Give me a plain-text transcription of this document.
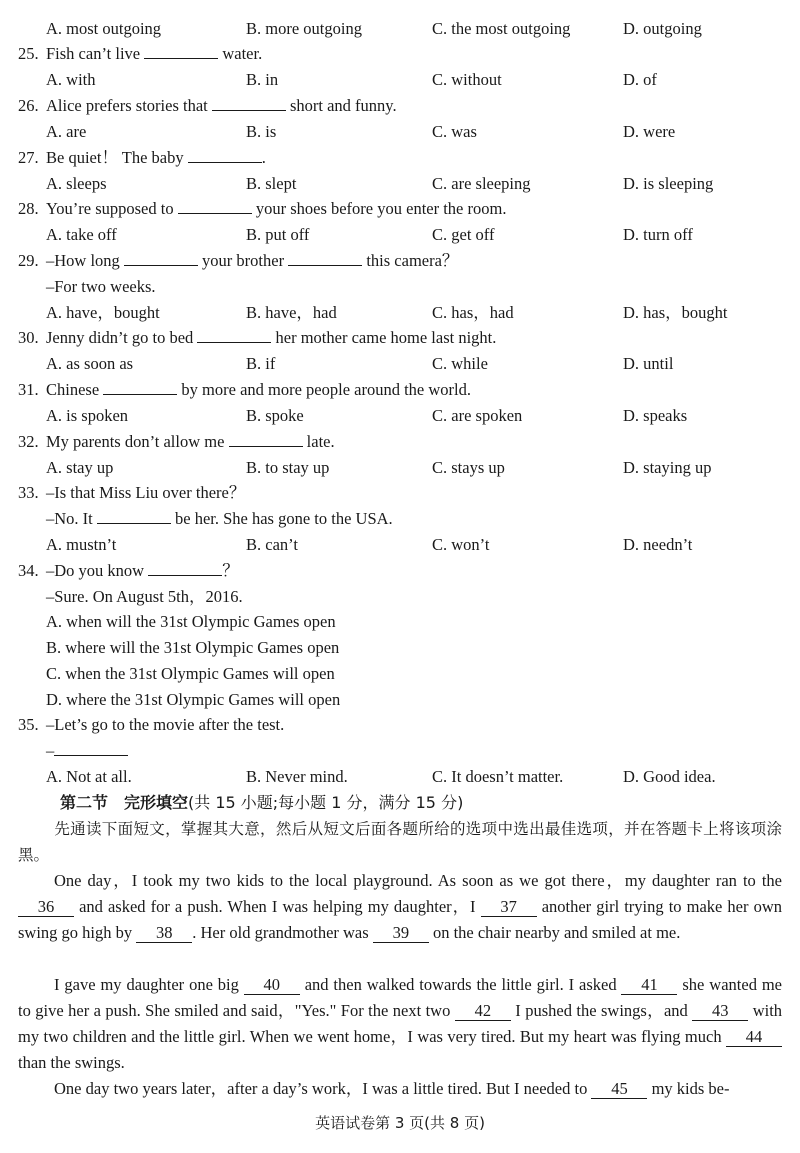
A. most outgoing	B. more outgoing	C. the most outgoing	D. outgoing
25. Fish can’t live	water.
A. with	B. in	C. without	D. of
26. Alice prefers stories that	short and funny.
A. are	B. is	C. was	D. were
27. Be quiet！ The baby	.
A. sleeps	B. slept	C. are sleeping	D. is sleeping
28. You’re supposed to	your shoes before you enter the room.
A. take off	B. put off	C. get off	D. turn off
29. –How long	your brother	this camera？
–For two weeks.
A. have，bought	B. have，had	C. has，had	D. has，bought
30. Jenny didn’t go to bed	her mother came home last night.
A. as soon as	B. if	C. while	D. until
31. Chinese	by more and more people around the world.
A. is spoken	B. spoke	C. are spoken	D. speaks
32. My parents don’t allow me	late.
A. stay up	B. to stay up	C. stays up	D. staying up
33. –Is that Miss Liu over there？
–No. It	be her. She has gone to the USA.
A. mustn’t	B. can’t	C. won’t	D. needn’t
34. –Do you know	？
–Sure. On August 5th，2016.
A. when will the 31st Olympic Games open
B. where will the 31st Olympic Games open
C. when the 31st Olympic Games will open
D. where the 31st Olympic Games will open
35. –Let’s go to the movie after the test.
–
A. Not at all.	B. Never mind.	C. It doesn’t matter.	D. Good idea.
第二节　完形填空(共 15 小题;每小题 1 分，满分 15 分)
先通读下面短文，掌握其大意，然后从短文后面各题所给的选项中选出最佳选项，并在答题卡上将该项涂黑。
One day，I took my two kids to the local playground. As soon as we got there，my daughter ran to the 36 and asked for a push. When I was helping my daughter，I 37 another girl trying to make her own swing go high by 38 . Her old grandmother was 39 on the chair nearby and smiled at me.
I gave my daughter one big 40 and then walked towards the little girl. I asked 41 she wanted me to give her a push. She smiled and said，"Yes." For the next two 42 I pushed the swings，and 43 with my two children and the little girl. When we went home，I was very tired. But my heart was flying much 44 than the swings.
One day two years later，after a day’s work，I was a little tired. But I needed to 45 my kids be-
英语试卷第 3 页(共 8 页)
